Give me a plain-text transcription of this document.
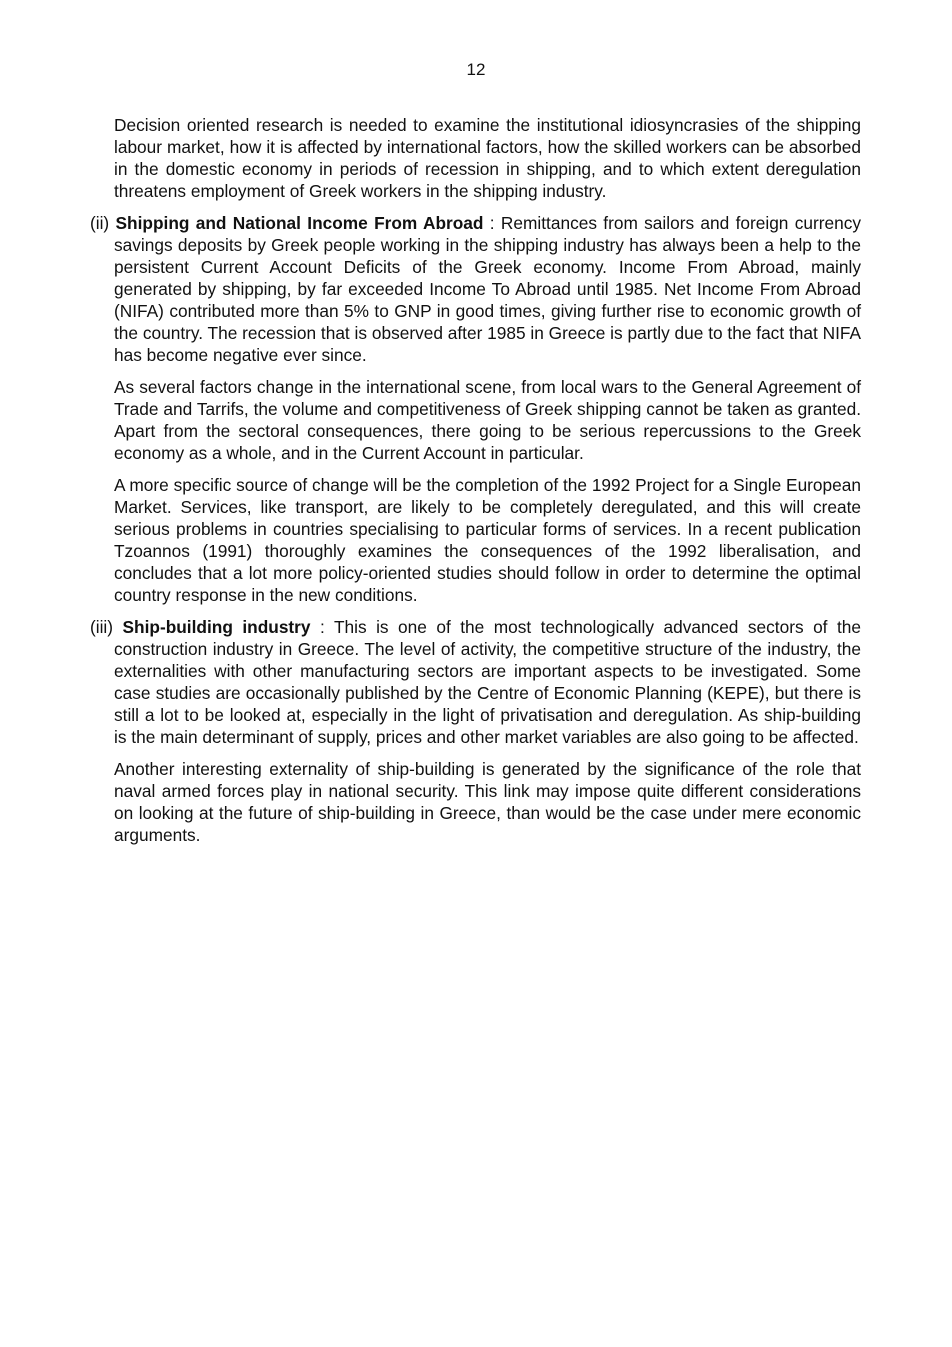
12

Decision oriented research is needed to examine the institutional idiosyncrasies of the shipping labour market, how it is affected by international factors, how the skilled workers can be absorbed in the domestic economy in periods of recession in shipping, and to which extent deregulation threatens employment of Greek workers in the shipping industry.

(ii) Shipping and National Income From Abroad : Remittances from sailors and foreign currency savings deposits by Greek people working in the shipping industry has always been a help to the persistent Current Account Deficits of the Greek economy. Income From Abroad, mainly generated by shipping, by far exceeded Income To Abroad until 1985. Net Income From Abroad (NIFA) contributed more than 5% to GNP in good times, giving further rise to economic growth of the country. The recession that is observed after 1985 in Greece is partly due to the fact that NIFA has become negative ever since.

As several factors change in the international scene, from local wars to the General Agreement of Trade and Tarrifs, the volume and competitiveness of Greek shipping cannot be taken as granted. Apart from the sectoral consequences, there going to be serious repercussions to the Greek economy as a whole, and in the Current Account in particular.

A more specific source of change will be the completion of the 1992 Project for a Single European Market. Services, like transport, are likely to be completely deregulated, and this will create serious problems in countries specialising to particular forms of services. In a recent publication Tzoannos (1991) thoroughly examines the consequences of the 1992 liberalisation, and concludes that a lot more policy-oriented studies should follow in order to determine the optimal country response in the new conditions.

(iii) Ship-building industry : This is one of the most technologically advanced sectors of the construction industry in Greece. The level of activity, the competitive structure of the industry, the externalities with other manufacturing sectors are important aspects to be investigated. Some case studies are occasionally published by the Centre of Economic Planning (KEPE), but there is still a lot to be looked at, especially in the light of privatisation and deregulation. As ship-building is the main determinant of supply, prices and other market variables are also going to be affected.

Another interesting externality of ship-building is generated by the significance of the role that naval armed forces play in national security. This link may impose quite different considerations on looking at the future of ship-building in Greece, than would be the case under mere economic arguments.
